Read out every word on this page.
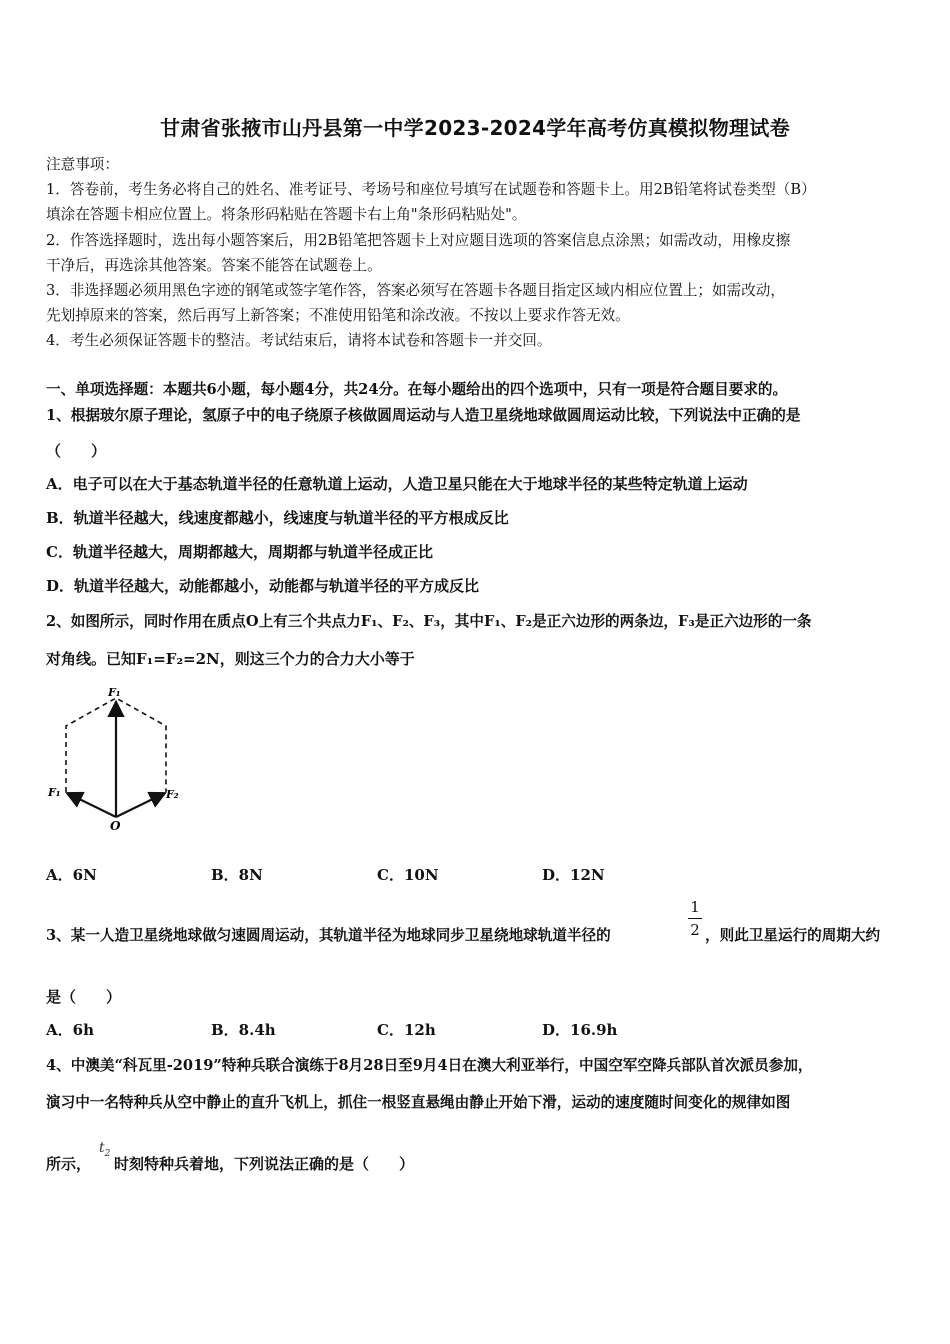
甘肃省张掖市山丹县第一中学2023-2024学年高考仿真模拟物理试卷
注意事项：
1．答卷前，考生务必将自己的姓名、准考证号、考场号和座位号填写在试题卷和答题卡上。用2B铅笔将试卷类型（B）
填涂在答题卡相应位置上。将条形码粘贴在答题卡右上角"条形码粘贴处"。
2．作答选择题时，选出每小题答案后，用2B铅笔把答题卡上对应题目选项的答案信息点涂黑；如需改动，用橡皮擦
干净后，再选涂其他答案。答案不能答在试题卷上。
3．非选择题必须用黑色字迹的钢笔或签字笔作答，答案必须写在答题卡各题目指定区域内相应位置上；如需改动，
先划掉原来的答案，然后再写上新答案；不准使用铅笔和涂改液。不按以上要求作答无效。
4．考生必须保证答题卡的整洁。考试结束后，请将本试卷和答题卡一并交回。
一、单项选择题：本题共6小题，每小题4分，共24分。在每小题给出的四个选项中，只有一项是符合题目要求的。
1、根据玻尔原子理论，氢原子中的电子绕原子核做圆周运动与人造卫星绕地球做圆周运动比较，下列说法中正确的是
（　　）
A．电子可以在大于基态轨道半径的任意轨道上运动，人造卫星只能在大于地球半径的某些特定轨道上运动
B．轨道半径越大，线速度都越小，线速度与轨道半径的平方根成反比
C．轨道半径越大，周期都越大，周期都与轨道半径成正比
D．轨道半径越大，动能都越小，动能都与轨道半径的平方成反比
2、如图所示，同时作用在质点O上有三个共点力F₁、F₂、F₃，其中F₁、F₂是正六边形的两条边，F₃是正六边形的一条
对角线。已知F₁=F₂=2N，则这三个力的合力大小等于
F₁
F₁	F₂
O
A．6N	B．8N	C．10N	D．12N
3、某一人造卫星绕地球做匀速圆周运动，其轨道半径为地球同步卫星绕地球轨道半径的
1
2 ，则此卫星运行的周期大约
是（　　）
A．6h	B．8.4h	C．12h	D．16.9h
4、中澳美“科瓦里-2019”特种兵联合演练于8月28日至9月4日在澳大利亚举行，中国空军空降兵部队首次派员参加，
演习中一名特种兵从空中静止的直升飞机上，抓住一根竖直悬绳由静止开始下滑，运动的速度随时间变化的规律如图
所示，
$t_2$
时刻特种兵着地，下列说法正确的是（　　）
